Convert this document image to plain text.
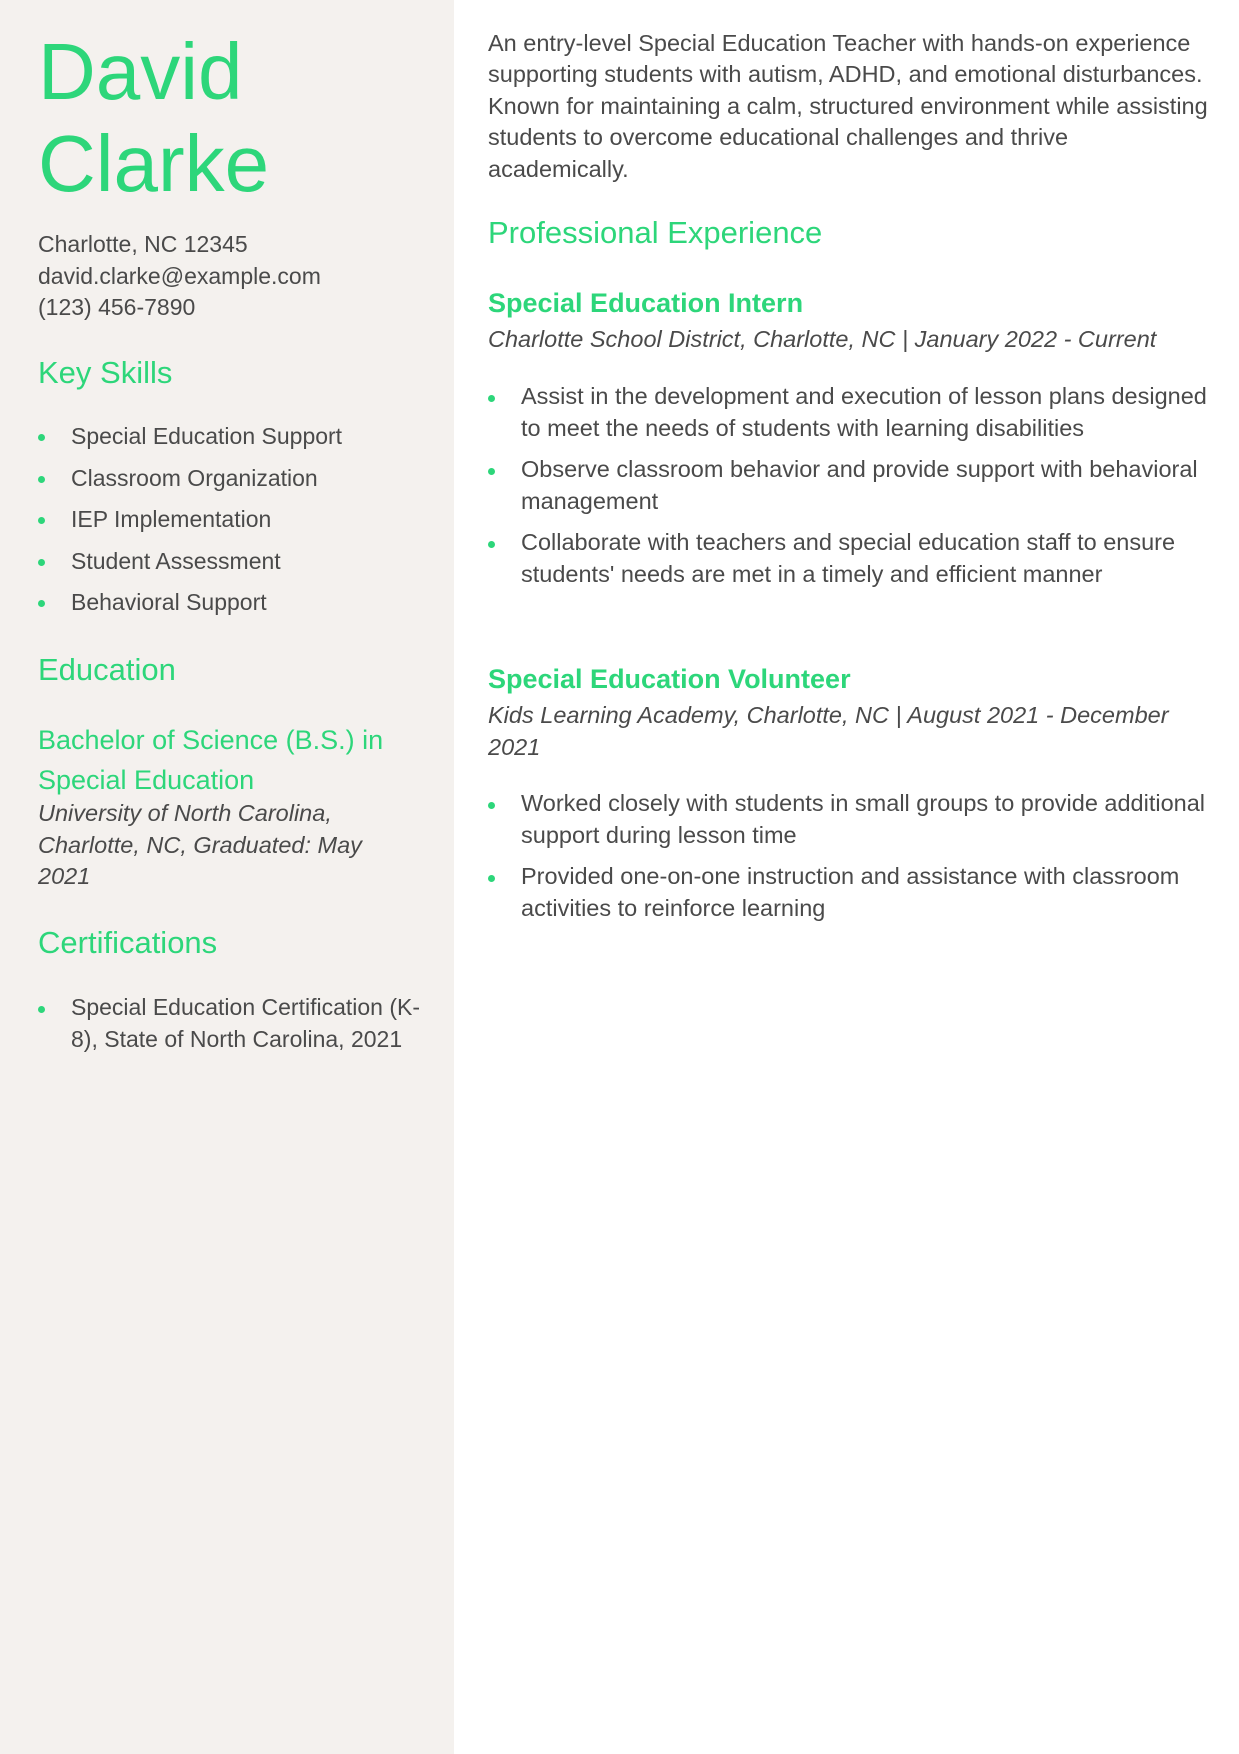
David
Clarke
Charlotte, NC 12345
david.clarke@example.com
(123) 456-7890
Key Skills
Special Education Support
Classroom Organization
IEP Implementation
Student Assessment
Behavioral Support
Education
Bachelor of Science (B.S.) in Special Education
University of North Carolina, Charlotte, NC, Graduated: May 2021
Certifications
Special Education Certification (K-8), State of North Carolina, 2021

An entry-level Special Education Teacher with hands-on experience supporting students with autism, ADHD, and emotional disturbances. Known for maintaining a calm, structured environment while assisting students to overcome educational challenges and thrive academically.

Professional Experience
Special Education Intern
Charlotte School District, Charlotte, NC | January 2022 - Current
Assist in the development and execution of lesson plans designed to meet the needs of students with learning disabilities
Observe classroom behavior and provide support with behavioral management
Collaborate with teachers and special education staff to ensure students' needs are met in a timely and efficient manner
Special Education Volunteer
Kids Learning Academy, Charlotte, NC | August 2021 - December 2021
Worked closely with students in small groups to provide additional support during lesson time
Provided one-on-one instruction and assistance with classroom activities to reinforce learning
